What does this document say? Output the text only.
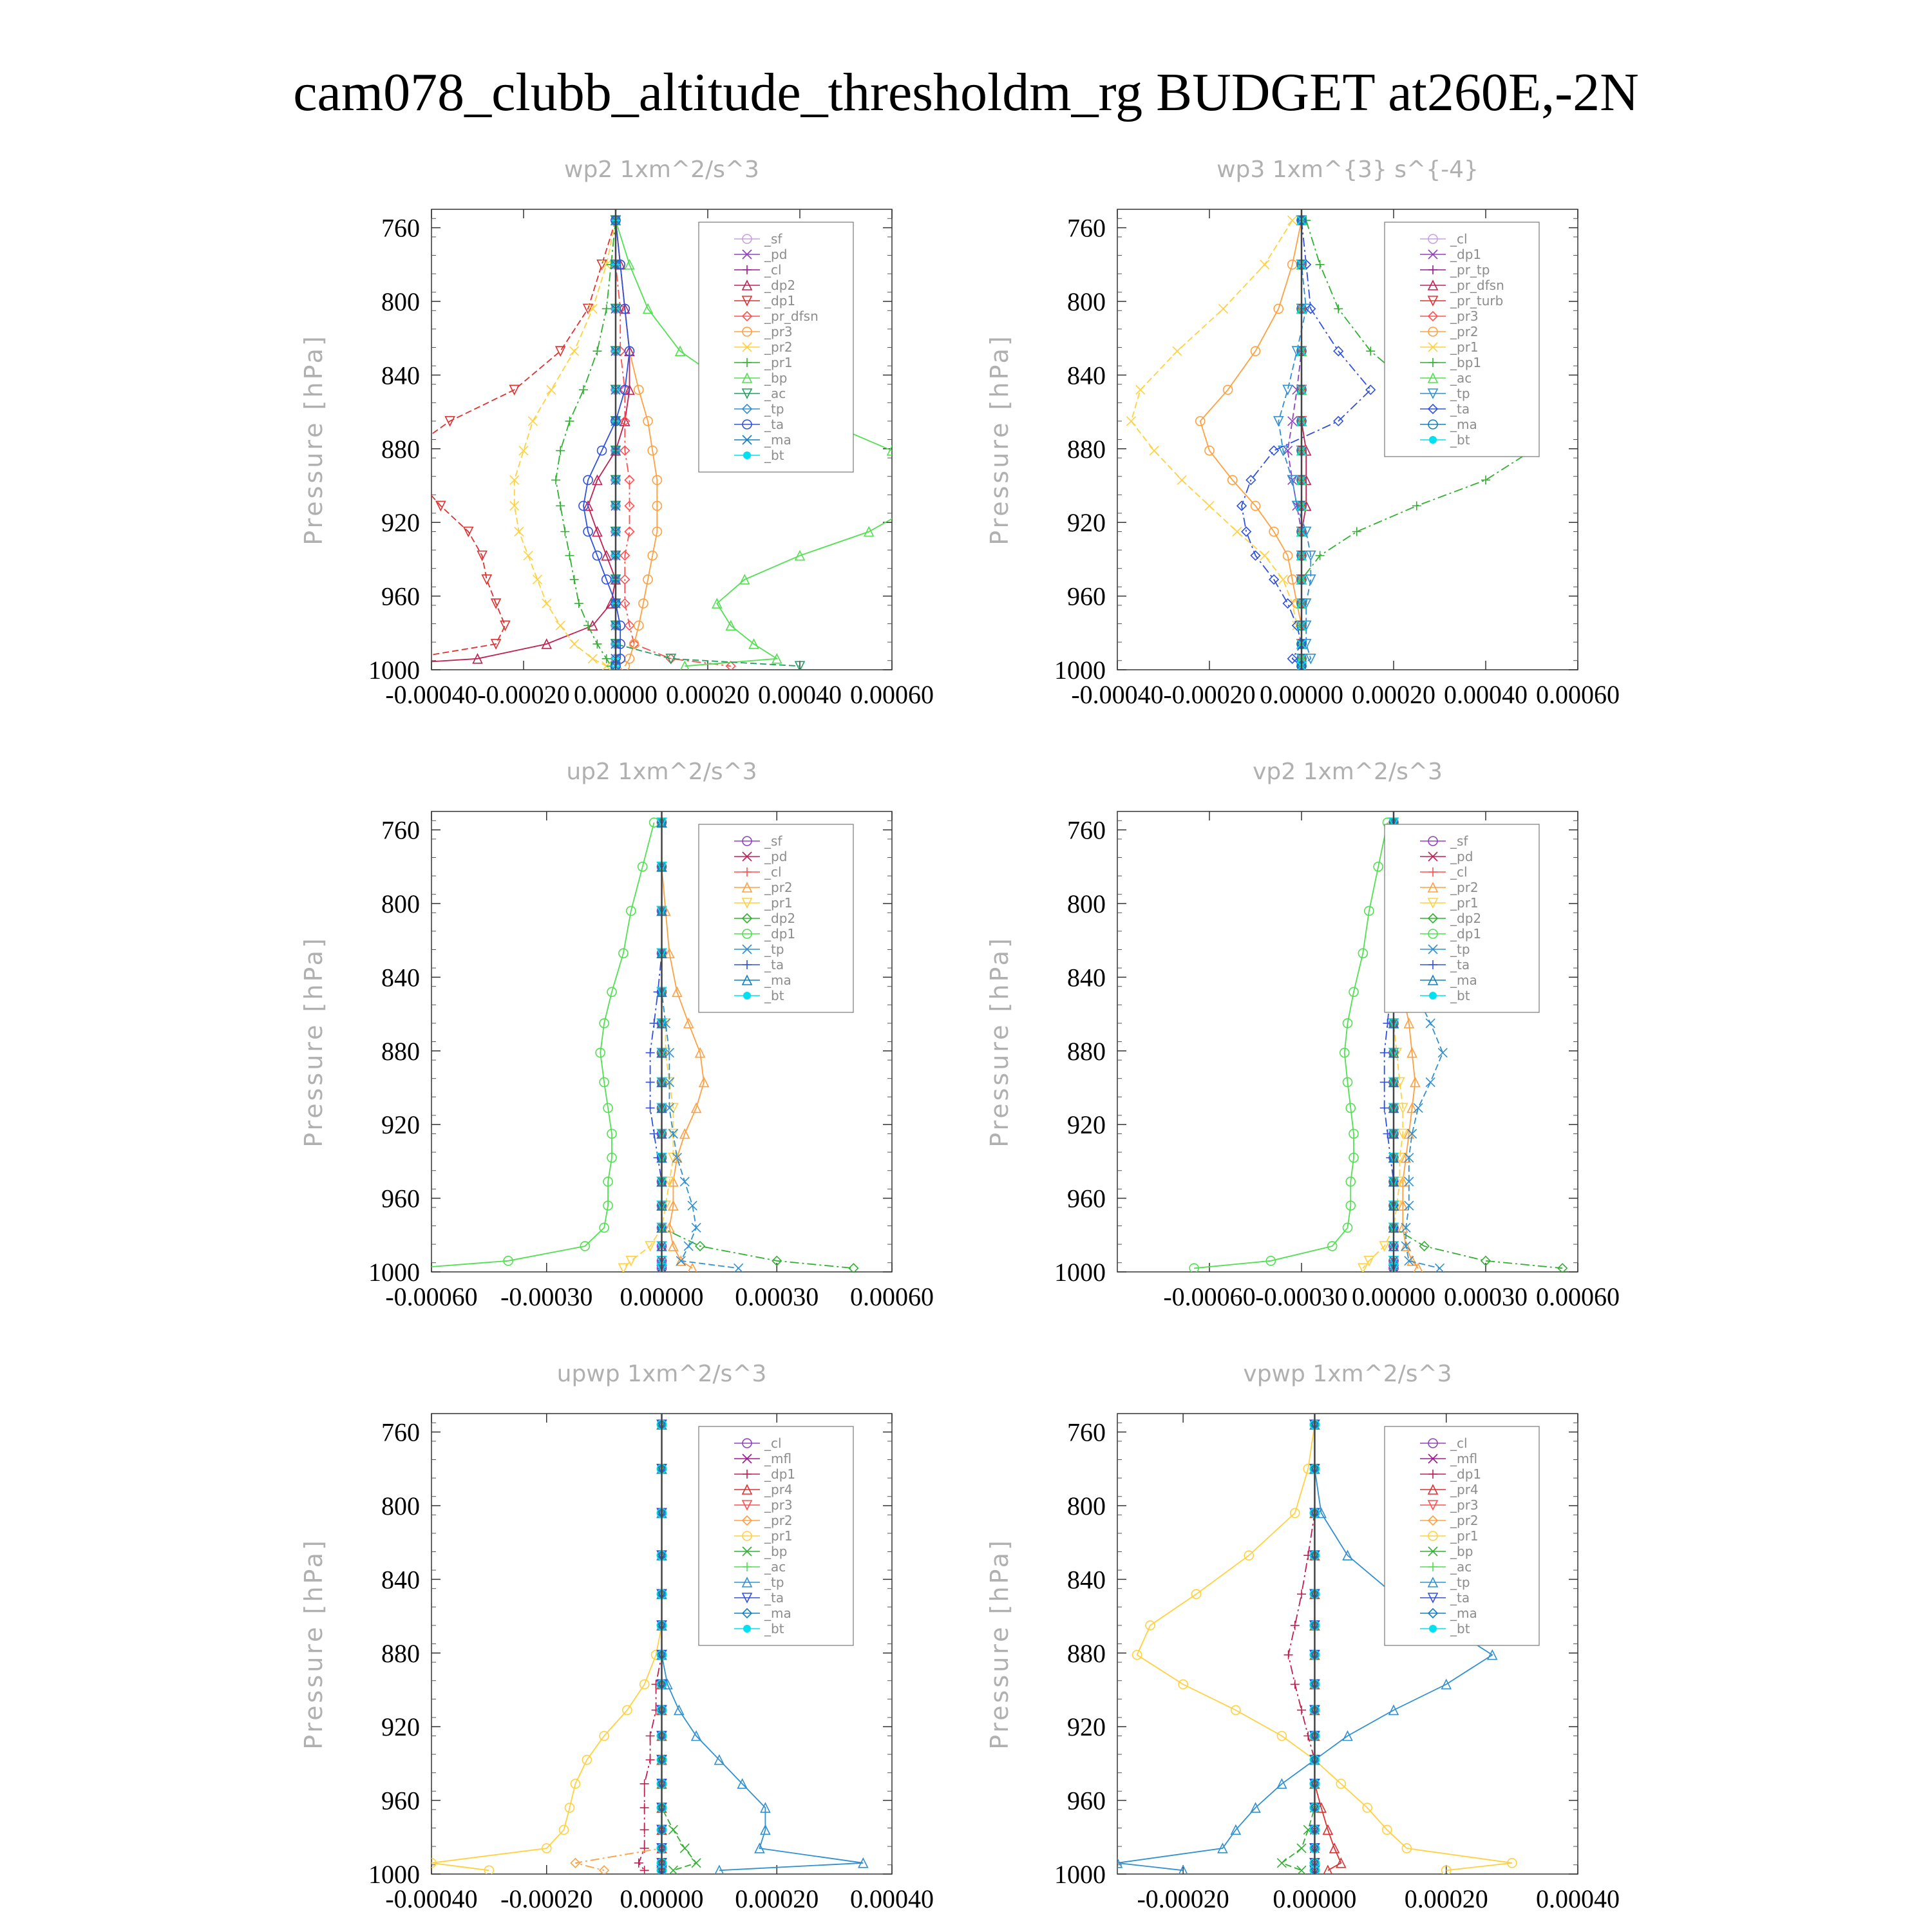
cam078_clubb_altitude_thresholdm_rg BUDGET at260E,-2N
wp2 1xm^2/s^3
760
800
840
880
920
960
1000
-0.00040 -0.00020 0.00000 0.00020 0.00040 0.00060
Pressure [hPa]
_sf
_pd
_cl
_dp2
_dp1
_pr_dfsn
_pr3
_pr2
_pr1
_bp
_ac
_tp
_ta
_ma
_bt
wp3 1xm^{3} s^{-4}
760
800
840
880
920
960
1000
-0.00040 -0.00020 0.00000 0.00020 0.00040 0.00060
Pressure [hPa]
_cl
_dp1
_pr_tp
_pr_dfsn
_pr_turb
_pr3
_pr2
_pr1
_bp1
_ac
_tp
_ta
_ma
_bt
up2 1xm^2/s^3
760
800
840
880
920
960
1000
-0.00060 -0.00030 0.00000 0.00030 0.00060
Pressure [hPa]
_sf
_pd
_cl
_pr2
_pr1
_dp2
_dp1
_tp
_ta
_ma
_bt
vp2 1xm^2/s^3
760
800
840
880
920
960
1000
-0.00060 -0.00030 0.00000 0.00030 0.00060
Pressure [hPa]
_sf
_pd
_cl
_pr2
_pr1
_dp2
_dp1
_tp
_ta
_ma
_bt
upwp 1xm^2/s^3
760
800
840
880
920
960
1000
-0.00040 -0.00020 0.00000 0.00020 0.00040
Pressure [hPa]
_cl
_mfl
_dp1
_pr4
_pr3
_pr2
_pr1
_bp
_ac
_tp
_ta
_ma
_bt
vpwp 1xm^2/s^3
760
800
840
880
920
960
1000
-0.00020 0.00000 0.00020 0.00040
Pressure [hPa]
_cl
_mfl
_dp1
_pr4
_pr3
_pr2
_pr1
_bp
_ac
_tp
_ta
_ma
_bt
